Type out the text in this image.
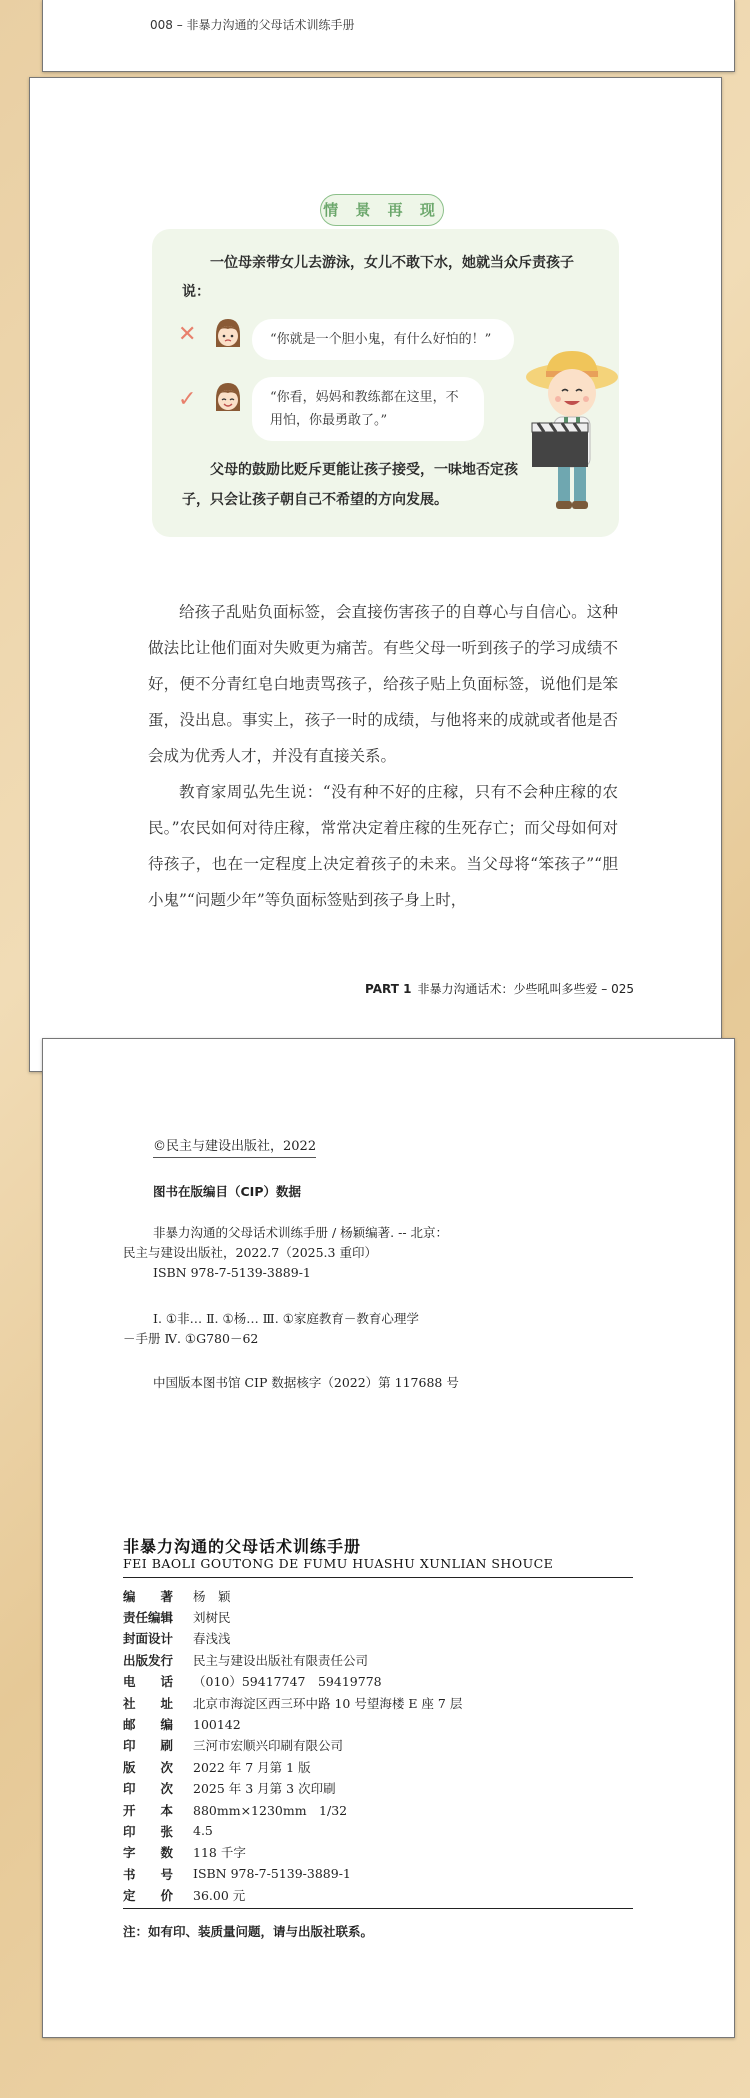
008 – 非暴力沟通的父母话术训练手册
情 景 再 现
一位母亲带女儿去游泳，女儿不敢下水，她就当众斥责孩子说：
✕	“你就是一个胆小鬼，有什么好怕的！”
✓	“你看，妈妈和教练都在这里，不用怕，你最勇敢了。”
父母的鼓励比贬斥更能让孩子接受，一味地否定孩子，只会让孩子朝自己不希望的方向发展。

给孩子乱贴负面标签，会直接伤害孩子的自尊心与自信心。这种做法比让他们面对失败更为痛苦。有些父母一听到孩子的学习成绩不好，便不分青红皂白地责骂孩子，给孩子贴上负面标签，说他们是笨蛋，没出息。事实上，孩子一时的成绩，与他将来的成就或者他是否会成为优秀人才，并没有直接关系。

教育家周弘先生说：“没有种不好的庄稼，只有不会种庄稼的农民。”农民如何对待庄稼，常常决定着庄稼的生死存亡；而父母如何对待孩子，也在一定程度上决定着孩子的未来。当父母将“笨孩子”“胆小鬼”“问题少年”等负面标签贴到孩子身上时，

PART 1 非暴力沟通话术：少些吼叫多些爱 – 025
©民主与建设出版社，2022
图书在版编目（CIP）数据
非暴力沟通的父母话术训练手册 / 杨颖编著. -- 北京：
民主与建设出版社，2022.7（2025.3 重印）
ISBN 978-7-5139-3889-1
Ⅰ. ①非… Ⅱ. ①杨… Ⅲ. ①家庭教育－教育心理学
－手册 Ⅳ. ①G780－62
中国版本图书馆 CIP 数据核字（2022）第 117688 号
非暴力沟通的父母话术训练手册
FEI BAOLI GOUTONG DE FUMU HUASHU XUNLIAN SHOUCE
编　　著	杨　颖
责任编辑	刘树民
封面设计	春浅浅
出版发行	民主与建设出版社有限责任公司
电　　话	（010）59417747　59419778
社　　址	北京市海淀区西三环中路 10 号望海楼 E 座 7 层
邮　　编	100142
印　　刷	三河市宏顺兴印刷有限公司
版　　次	2022 年 7 月第 1 版
印　　次	2025 年 3 月第 3 次印刷
开　　本	880mm×1230mm　1/32
印　　张	4.5
字　　数	118 千字
书　　号	ISBN 978-7-5139-3889-1
定　　价	36.00 元
注：如有印、装质量问题，请与出版社联系。
